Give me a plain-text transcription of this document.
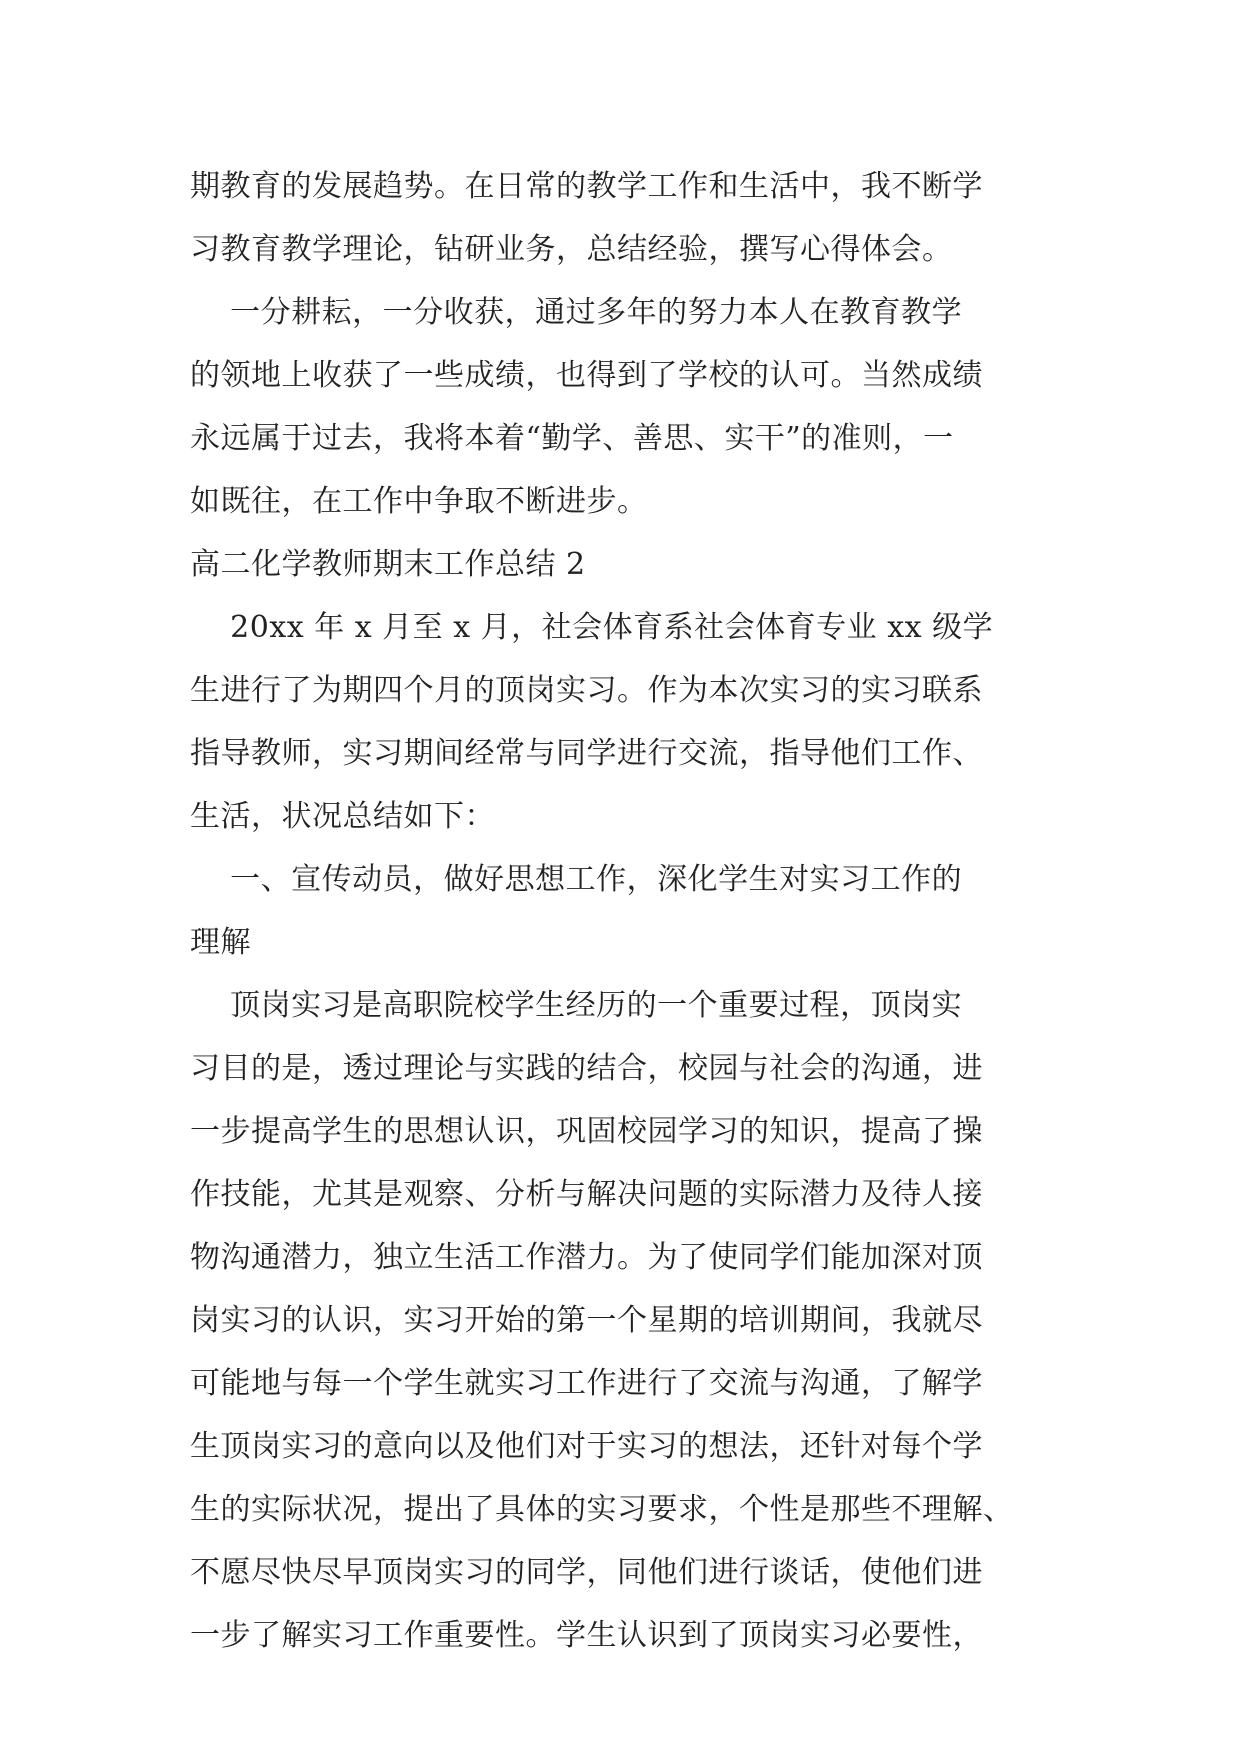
期教育的发展趋势。在日常的教学工作和生活中，我不断学
习教育教学理论，钻研业务，总结经验，撰写心得体会。
一分耕耘，一分收获，通过多年的努力本人在教育教学
的领地上收获了一些成绩，也得到了学校的认可。当然成绩
永远属于过去，我将本着“勤学、善思、实干”的准则，一
如既往，在工作中争取不断进步。
高二化学教师期末工作总结 2
20xx 年 x 月至 x 月，社会体育系社会体育专业 xx 级学
生进行了为期四个月的顶岗实习。作为本次实习的实习联系
指导教师，实习期间经常与同学进行交流，指导他们工作、
生活，状况总结如下：
一、宣传动员，做好思想工作，深化学生对实习工作的
理解
顶岗实习是高职院校学生经历的一个重要过程，顶岗实
习目的是，透过理论与实践的结合，校园与社会的沟通，进
一步提高学生的思想认识，巩固校园学习的知识，提高了操
作技能，尤其是观察、分析与解决问题的实际潜力及待人接
物沟通潜力，独立生活工作潜力。为了使同学们能加深对顶
岗实习的认识，实习开始的第一个星期的培训期间，我就尽
可能地与每一个学生就实习工作进行了交流与沟通，了解学
生顶岗实习的意向以及他们对于实习的想法，还针对每个学
生的实际状况，提出了具体的实习要求，个性是那些不理解、
不愿尽快尽早顶岗实习的同学，同他们进行谈话，使他们进
一步了解实习工作重要性。学生认识到了顶岗实习必要性，
